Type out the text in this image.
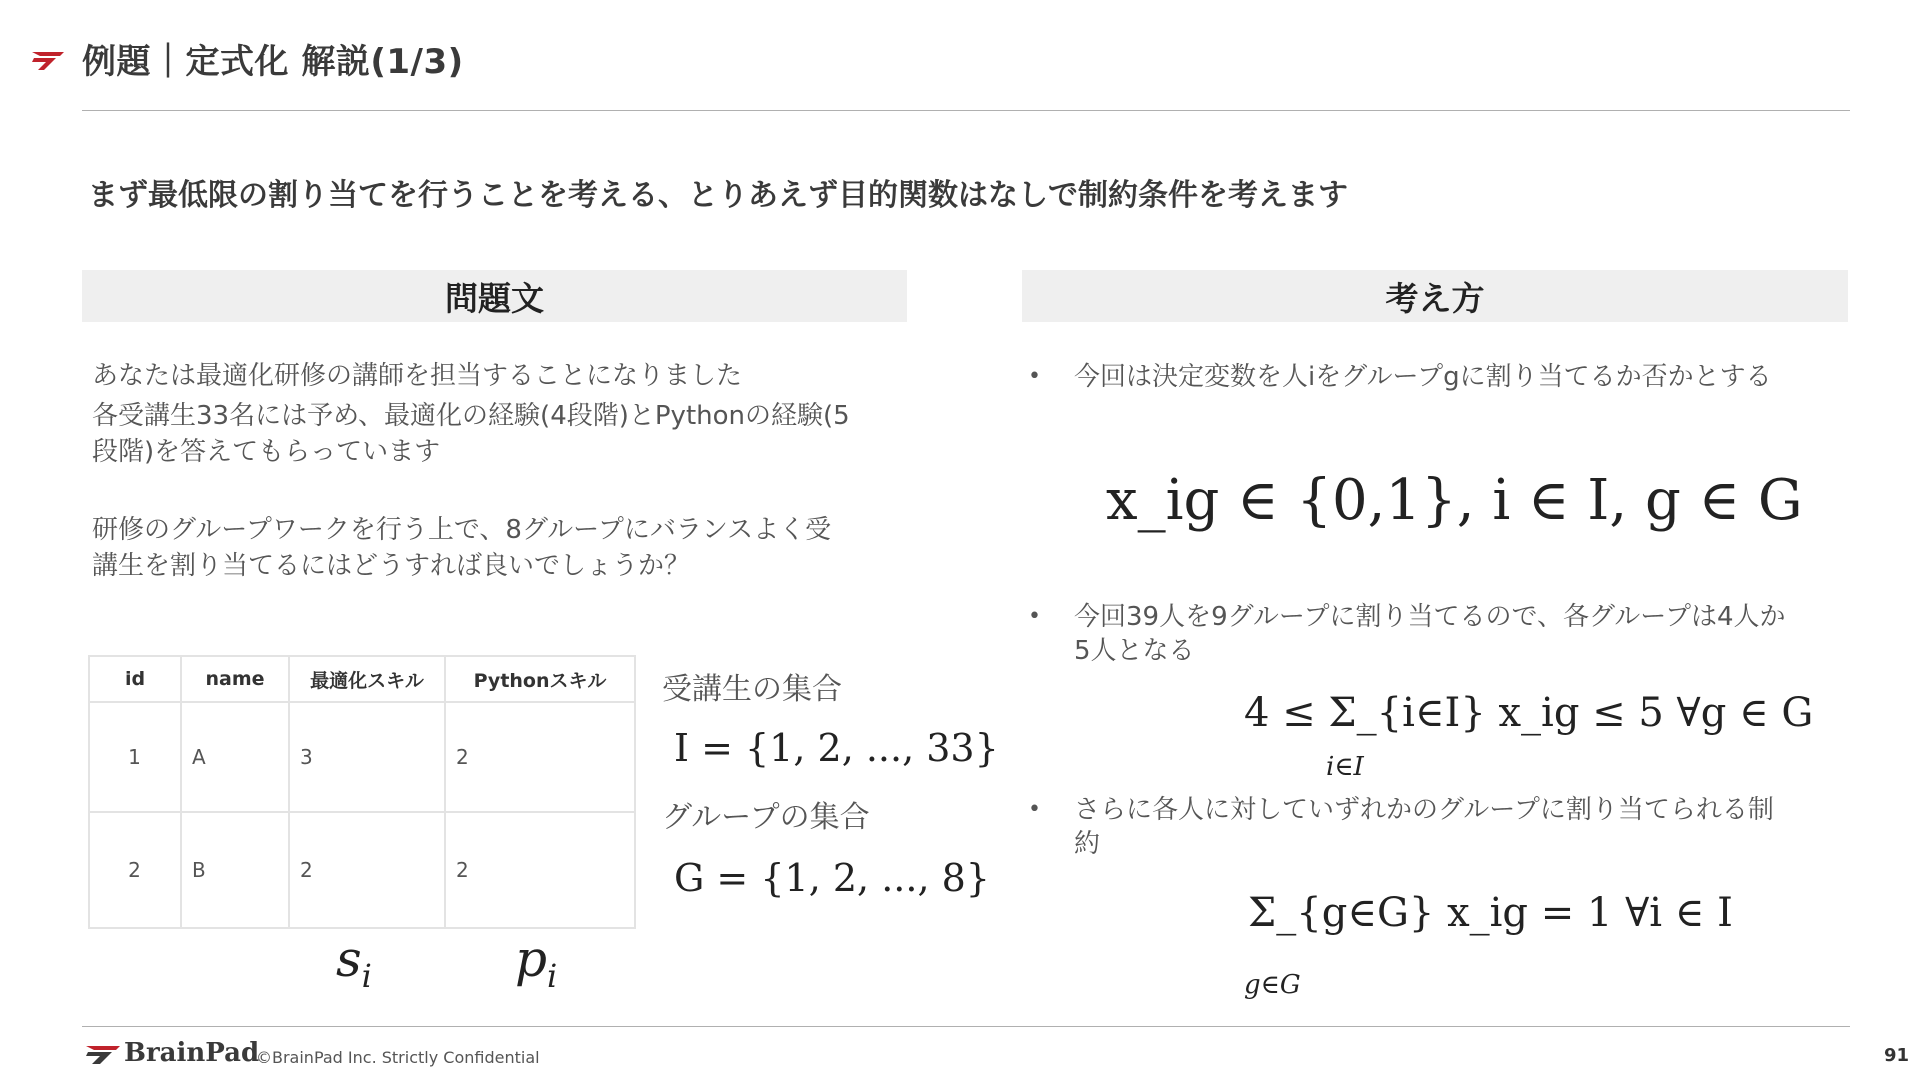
例題｜定式化 解説(1/3)
まず最低限の割り当てを行うことを考える、とりあえず目的関数はなしで制約条件を考えます
問題文
あなたは最適化研修の講師を担当することになりました
各受講生33名には予め、最適化の経験(4段階)とPythonの経験(5
段階)を答えてもらっています
研修のグループワークを行う上で、8グループにバランスよく受
講生を割り当てるにはどうすれば良いでしょうか？
id	name	最適化スキル	Pythonスキル
1	A	3	2
2	B	2	2
$s_i$	$p_i$
受講生の集合
I = {1, 2, ..., 33}
グループの集合
G = {1, 2, ..., 8}
考え方
• 今回は決定変数を人iをグループgに割り当てるか否かとする
x_ig ∈ {0,1}, i ∈ I, g ∈ G
• 今回39人を9グループに割り当てるので、各グループは4人か
5人となる
4 ≤ Σ_{i∈I} x_ig ≤ 5 ∀g ∈ G
i∈I
• さらに各人に対していずれかのグループに割り当てられる制
約
Σ_{g∈G} x_ig = 1 ∀i ∈ I
g∈G
BrainPad
©BrainPad Inc. Strictly Confidential	91
